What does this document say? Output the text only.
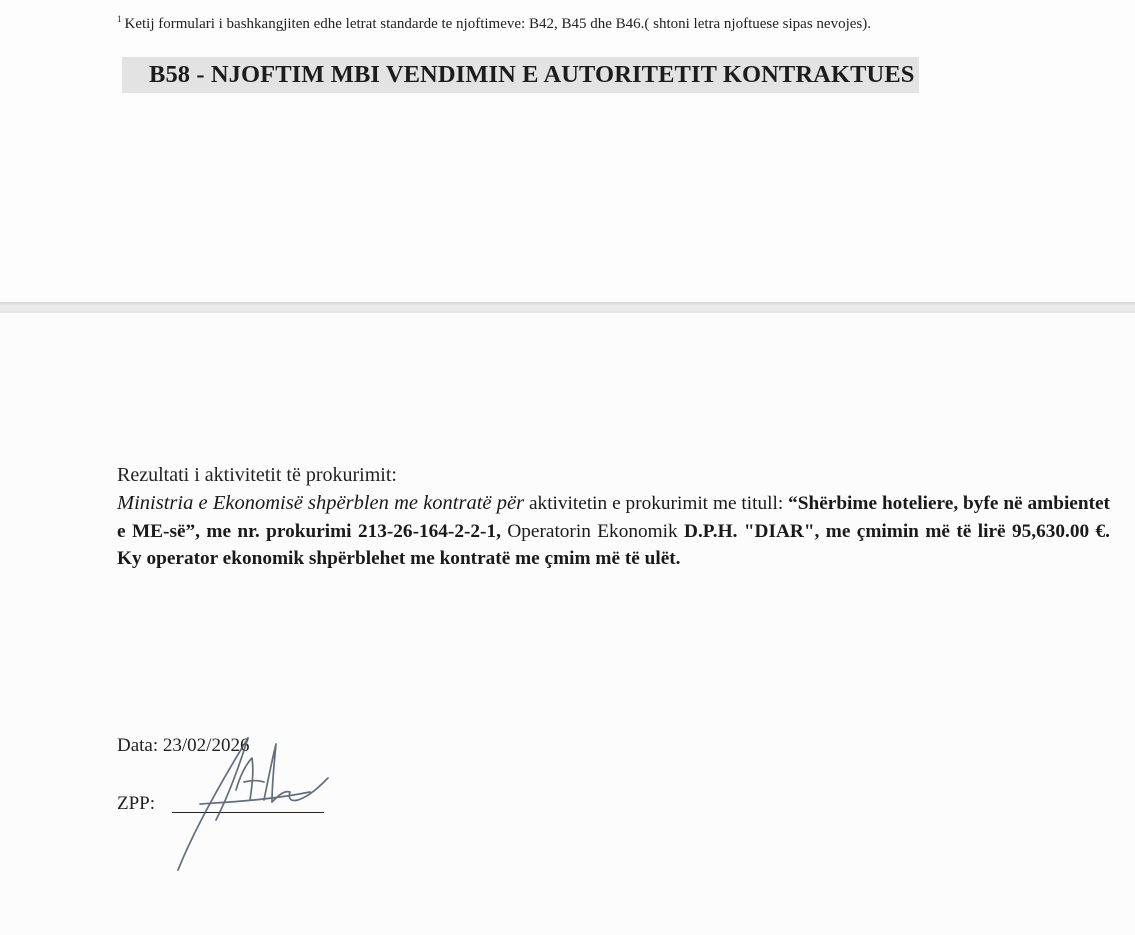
$^1$ Ketij formulari i bashkangjiten edhe letrat standarde te njoftimeve: B42, B45 dhe B46.( shtoni letra njoftuese sipas nevojes).
B58 - NJOFTIM MBI VENDIMIN E AUTORITETIT KONTRAKTUES
Rezultati i aktivitetit të prokurimit:
Ministria e Ekonomisë shpërblen me kontratë për aktivitetin e prokurimit me titull: “Shërbime hoteliere, byfe në ambientet e ME-së”, me nr. prokurimi 213-26-164-2-2-1, Operatorin Ekonomik D.P.H. "DIAR", me çmimin më të lirë 95,630.00 €. Ky operator ekonomik shpërblehet me kontratë me çmim më të ulët.
Data: 23/02/2026
ZPP:
